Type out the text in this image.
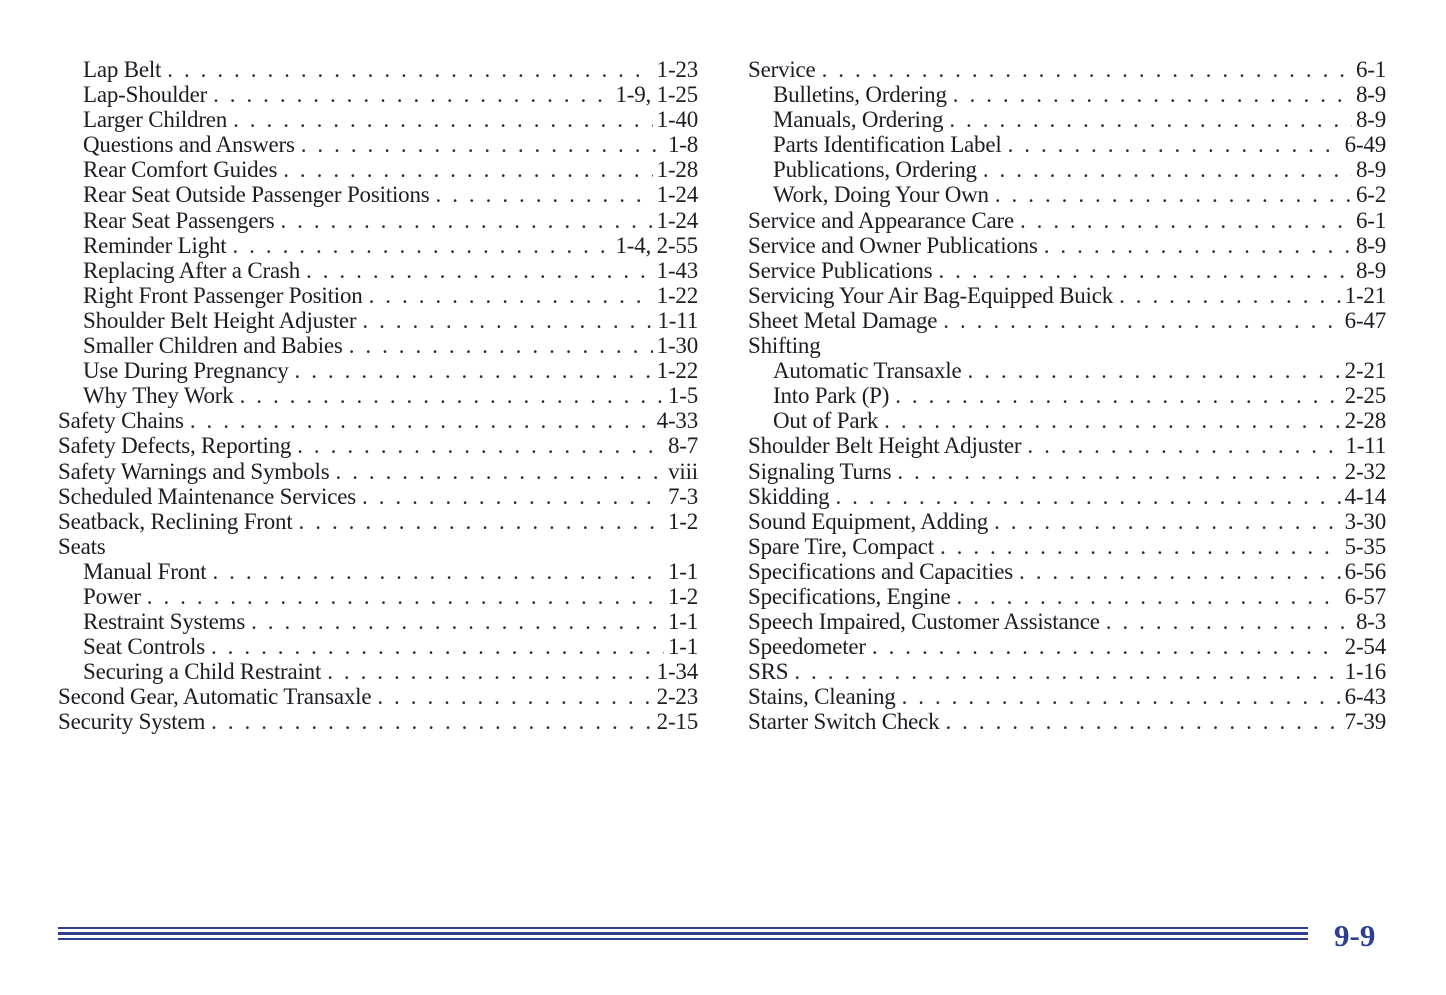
Lap Belt . . .	1-23
Lap-Shoulder . . .	1-9, 1-25
Larger Children . . .	1-40
Questions and Answers . . .	1-8
Rear Comfort Guides . . .	1-28
Rear Seat Outside Passenger Positions . . .	1-24
Rear Seat Passengers . . .	1-24
Reminder Light . . .	1-4, 2-55
Replacing After a Crash . . .	1-43
Right Front Passenger Position . . .	1-22
Shoulder Belt Height Adjuster . . .	1-11
Smaller Children and Babies . . .	1-30
Use During Pregnancy . . .	1-22
Why They Work . . .	1-5
Safety Chains . . .	4-33
Safety Defects, Reporting . . .	8-7
Safety Warnings and Symbols . . .	viii
Scheduled Maintenance Services . . .	7-3
Seatback, Reclining Front . . .	1-2
Seats
Manual Front . . .	1-1
Power . . .	1-2
Restraint Systems . . .	1-1
Seat Controls . . .	1-1
Securing a Child Restraint . . .	1-34
Second Gear, Automatic Transaxle . . .	2-23
Security System . . .	2-15
Service . . .	6-1
Bulletins, Ordering . . .	8-9
Manuals, Ordering . . .	8-9
Parts Identification Label . . .	6-49
Publications, Ordering . . .	8-9
Work, Doing Your Own . . .	6-2
Service and Appearance Care . . .	6-1
Service and Owner Publications . . .	8-9
Service Publications . . .	8-9
Servicing Your Air Bag-Equipped Buick . . .	1-21
Sheet Metal Damage . . .	6-47
Shifting
Automatic Transaxle . . .	2-21
Into Park (P) . . .	2-25
Out of Park . . .	2-28
Shoulder Belt Height Adjuster . . .	1-11
Signaling Turns . . .	2-32
Skidding . . .	4-14
Sound Equipment, Adding . . .	3-30
Spare Tire, Compact . . .	5-35
Specifications and Capacities . . .	6-56
Specifications, Engine . . .	6-57
Speech Impaired, Customer Assistance . . .	8-3
Speedometer . . .	2-54
SRS . . .	1-16
Stains, Cleaning . . .	6-43
Starter Switch Check . . .	7-39
9-9
